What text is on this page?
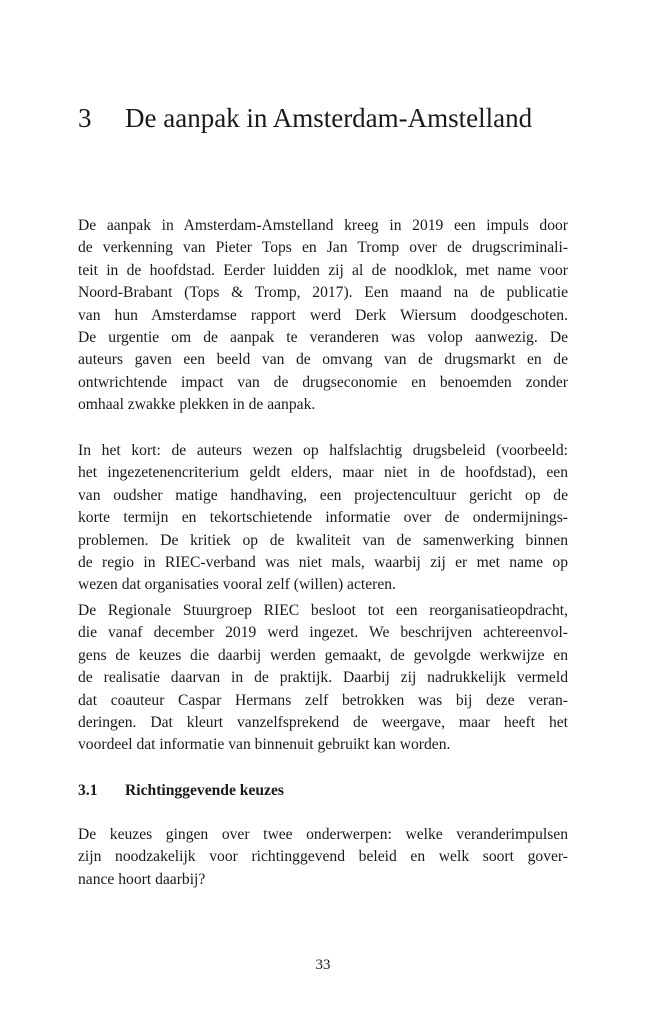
3 De aanpak in Amsterdam-Amstelland

De aanpak in Amsterdam-Amstelland kreeg in 2019 een impuls door
de verkenning van Pieter Tops en Jan Tromp over de drugscriminali-
teit in de hoofdstad. Eerder luidden zij al de noodklok, met name voor
Noord-Brabant (Tops & Tromp, 2017). Een maand na de publicatie
van hun Amsterdamse rapport werd Derk Wiersum doodgeschoten.
De urgentie om de aanpak te veranderen was volop aanwezig. De
auteurs gaven een beeld van de omvang van de drugsmarkt en de
ontwrichtende impact van de drugseconomie en benoemden zonder
omhaal zwakke plekken in de aanpak.

In het kort: de auteurs wezen op halfslachtig drugsbeleid (voorbeeld:
het ingezetenencriterium geldt elders, maar niet in de hoofdstad), een
van oudsher matige handhaving, een projectencultuur gericht op de
korte termijn en tekortschietende informatie over de ondermijnings-
problemen. De kritiek op de kwaliteit van de samenwerking binnen
de regio in RIEC-verband was niet mals, waarbij zij er met name op
wezen dat organisaties vooral zelf (willen) acteren.

De Regionale Stuurgroep RIEC besloot tot een reorganisatieopdracht,
die vanaf december 2019 werd ingezet. We beschrijven achtereenvol-
gens de keuzes die daarbij werden gemaakt, de gevolgde werkwijze en
de realisatie daarvan in de praktijk. Daarbij zij nadrukkelijk vermeld
dat coauteur Caspar Hermans zelf betrokken was bij deze veran-
deringen. Dat kleurt vanzelfsprekend de weergave, maar heeft het
voordeel dat informatie van binnenuit gebruikt kan worden.

3.1 Richtinggevende keuzes

De keuzes gingen over twee onderwerpen: welke veranderimpulsen
zijn noodzakelijk voor richtinggevend beleid en welk soort gover-
nance hoort daarbij?

33
